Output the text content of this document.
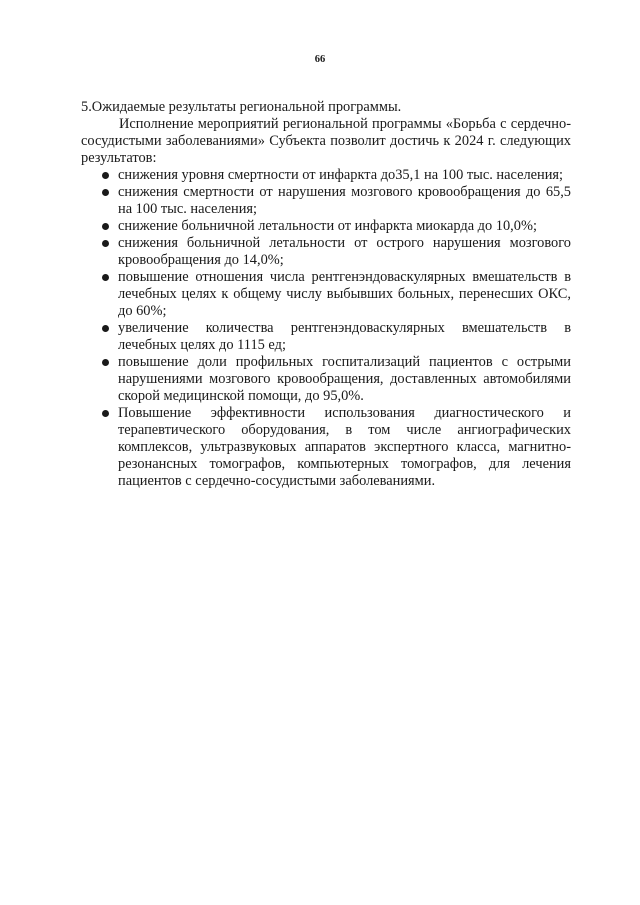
66

5.Ожидаемые результаты региональной программы.

Исполнение мероприятий региональной программы «Борьба с сердечно-сосудистыми заболеваниями» Субъекта позволит достичь к 2024 г. следующих результатов:

снижения уровня смертности от инфаркта до35,1 на 100 тыс. населения;
снижения смертности от нарушения мозгового кровообращения до 65,5 на 100 тыс. населения;
снижение больничной летальности от инфаркта миокарда до 10,0%;
снижения больничной летальности от острого нарушения мозгового кровообращения до 14,0%;
повышение отношения числа рентгенэндоваскулярных вмешательств в лечебных целях к общему числу выбывших больных, перенесших ОКС, до 60%;
увеличение количества рентгенэндоваскулярных вмешательств в лечебных целях до 1115 ед;
повышение доли профильных госпитализаций пациентов с острыми нарушениями мозгового кровообращения, доставленных автомобилями скорой медицинской помощи, до 95,0%.
Повышение эффективности использования диагностического и терапевтического оборудования, в том числе ангиографических комплексов, ультразвуковых аппаратов экспертного класса, магнитно-резонансных томографов, компьютерных томографов, для лечения пациентов с сердечно-сосудистыми заболеваниями.
